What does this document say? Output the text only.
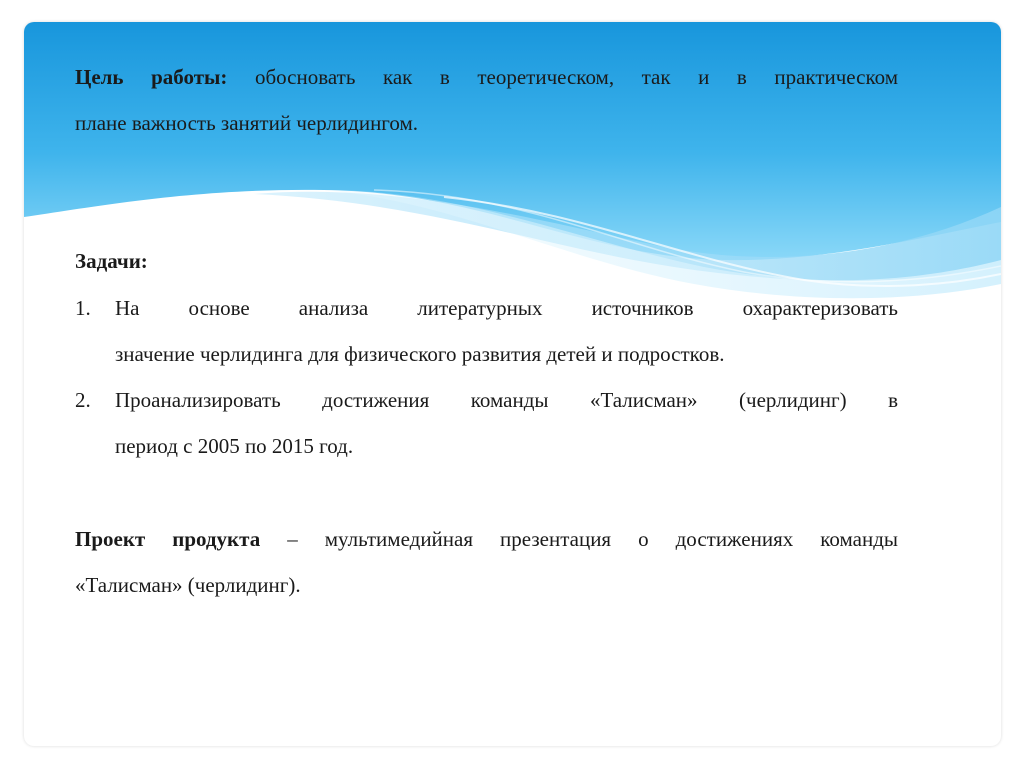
Цель работы: обосновать как в теоретическом, так и в практическом
плане важность занятий черлидингом.
Задачи:
1. На основе анализа литературных источников охарактеризовать
значение черлидинга для физического развития детей и подростков.
2. Проанализировать достижения команды «Талисман» (черлидинг) в
период с 2005 по 2015 год.
Проект продукта – мультимедийная презентация о достижениях команды
«Талисман» (черлидинг).
